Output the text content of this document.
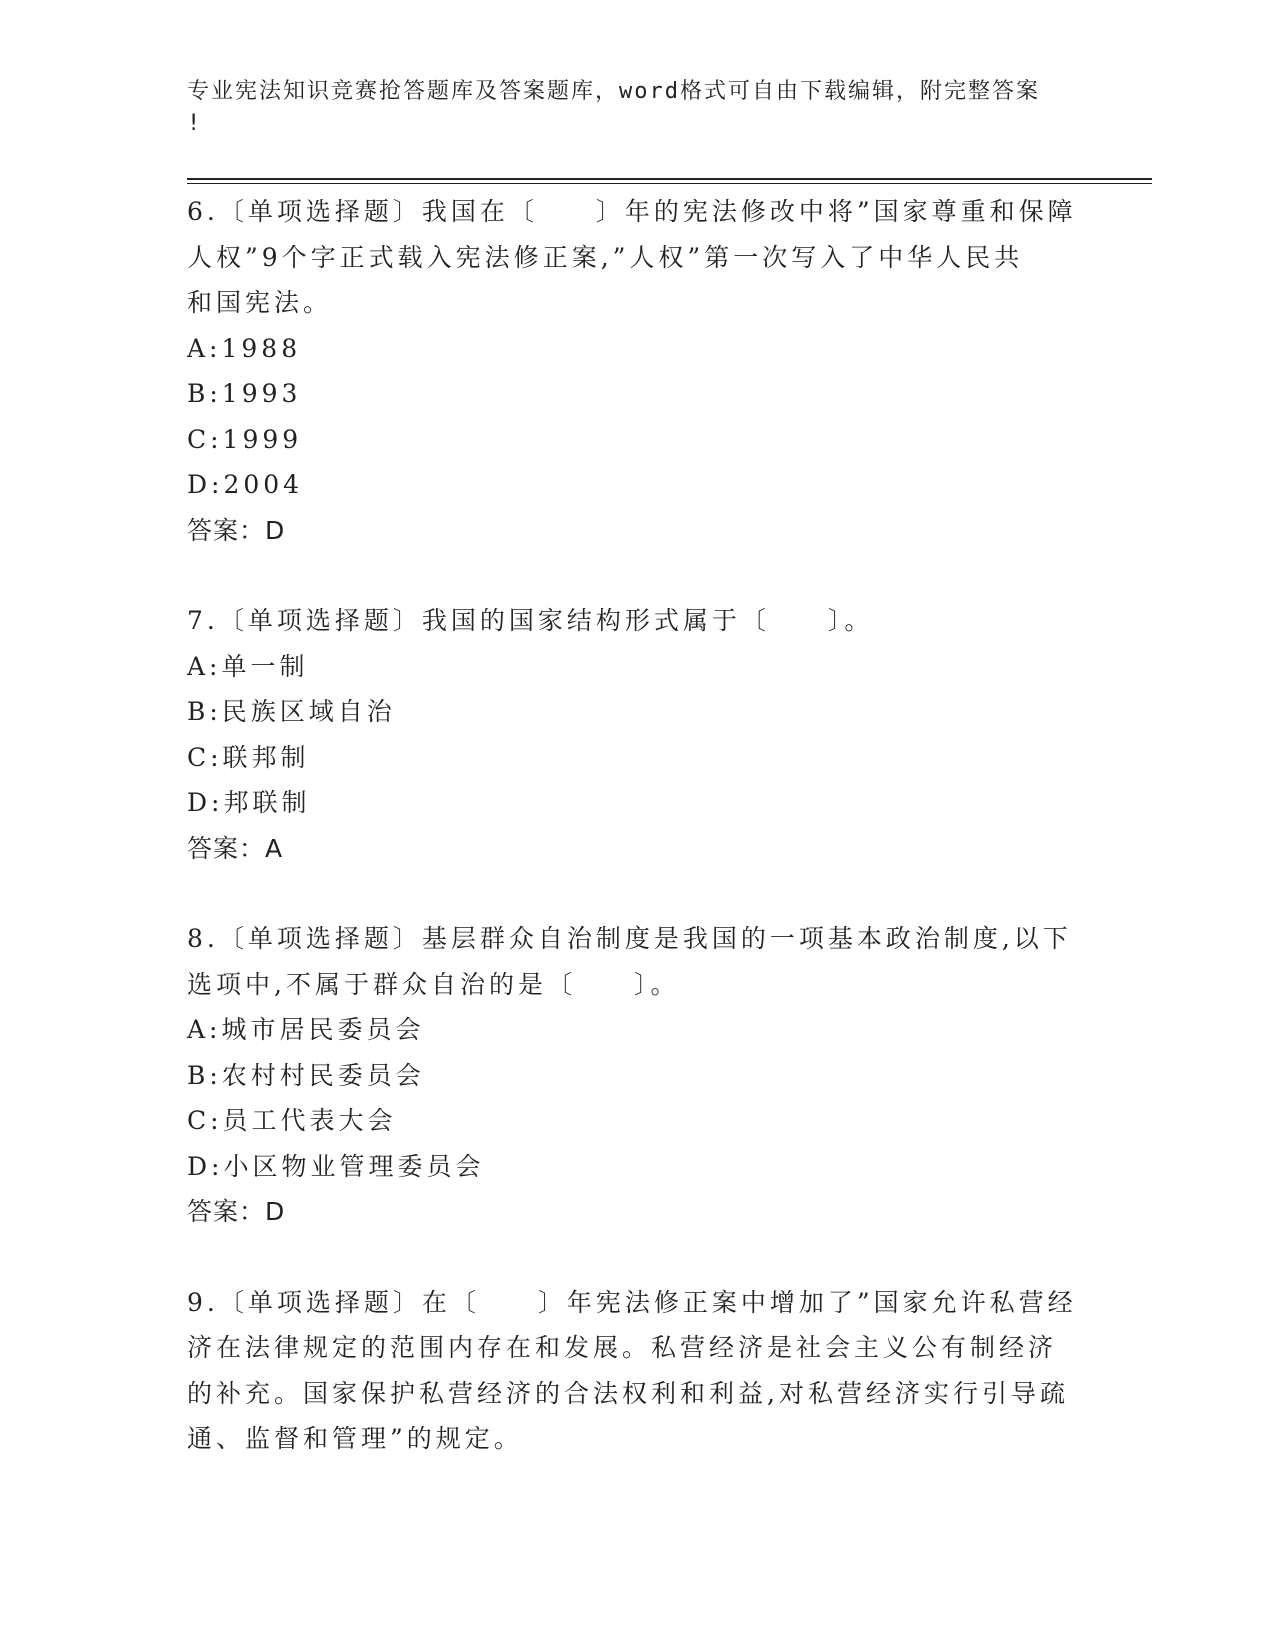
专业宪法知识竞赛抢答题库及答案题库，word格式可自由下载编辑，附完整答案
!
6.〔单项选择题〕我国在〔　　〕年的宪法修改中将”国家尊重和保障
人权”9个字正式载入宪法修正案,”人权”第一次写入了中华人民共
和国宪法。
A:1988
B:1993
C:1999
D:2004
答案：D
7.〔单项选择题〕我国的国家结构形式属于〔　　〕。
A:单一制
B:民族区域自治
C:联邦制
D:邦联制
答案：A
8.〔单项选择题〕基层群众自治制度是我国的一项基本政治制度,以下
选项中,不属于群众自治的是〔　　〕。
A:城市居民委员会
B:农村村民委员会
C:员工代表大会
D:小区物业管理委员会
答案：D
9.〔单项选择题〕在〔　　〕年宪法修正案中增加了”国家允许私营经
济在法律规定的范围内存在和发展。私营经济是社会主义公有制经济
的补充。国家保护私营经济的合法权利和利益,对私营经济实行引导疏
通、监督和管理”的规定。
